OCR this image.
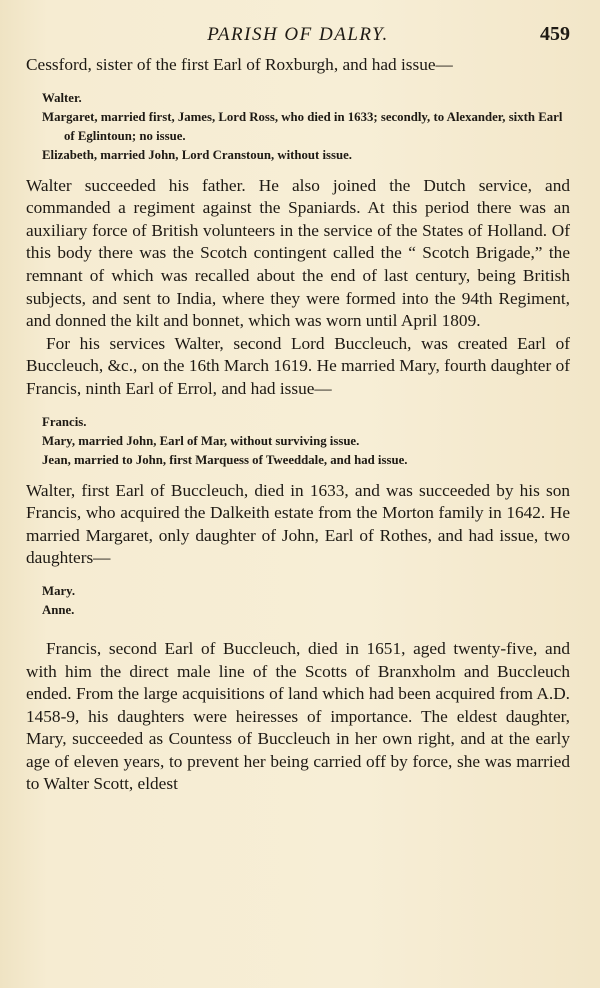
PARISH OF DALRY.	459

Cessford, sister of the first Earl of Roxburgh, and had issue—

Walter.
Margaret, married first, James, Lord Ross, who died in 1633; secondly, to Alexander, sixth Earl of Eglintoun; no issue.
Elizabeth, married John, Lord Cranstoun, without issue.

Walter succeeded his father. He also joined the Dutch service, and commanded a regiment against the Spaniards. At this period there was an auxiliary force of British volunteers in the service of the States of Holland. Of this body there was the Scotch contingent called the “ Scotch Brigade,” the remnant of which was recalled about the end of last century, being British subjects, and sent to India, where they were formed into the 94th Regiment, and donned the kilt and bonnet, which was worn until April 1809.

For his services Walter, second Lord Buccleuch, was created Earl of Buccleuch, &c., on the 16th March 1619. He married Mary, fourth daughter of Francis, ninth Earl of Errol, and had issue—

Francis.
Mary, married John, Earl of Mar, without surviving issue.
Jean, married to John, first Marquess of Tweeddale, and had issue.

Walter, first Earl of Buccleuch, died in 1633, and was succeeded by his son Francis, who acquired the Dalkeith estate from the Morton family in 1642. He married Margaret, only daughter of John, Earl of Rothes, and had issue, two daughters—

Mary.
Anne.

Francis, second Earl of Buccleuch, died in 1651, aged twenty-five, and with him the direct male line of the Scotts of Branxholm and Buccleuch ended. From the large acquisitions of land which had been acquired from A.D. 1458-9, his daughters were heiresses of importance. The eldest daughter, Mary, succeeded as Countess of Buccleuch in her own right, and at the early age of eleven years, to prevent her being carried off by force, she was married to Walter Scott, eldest
